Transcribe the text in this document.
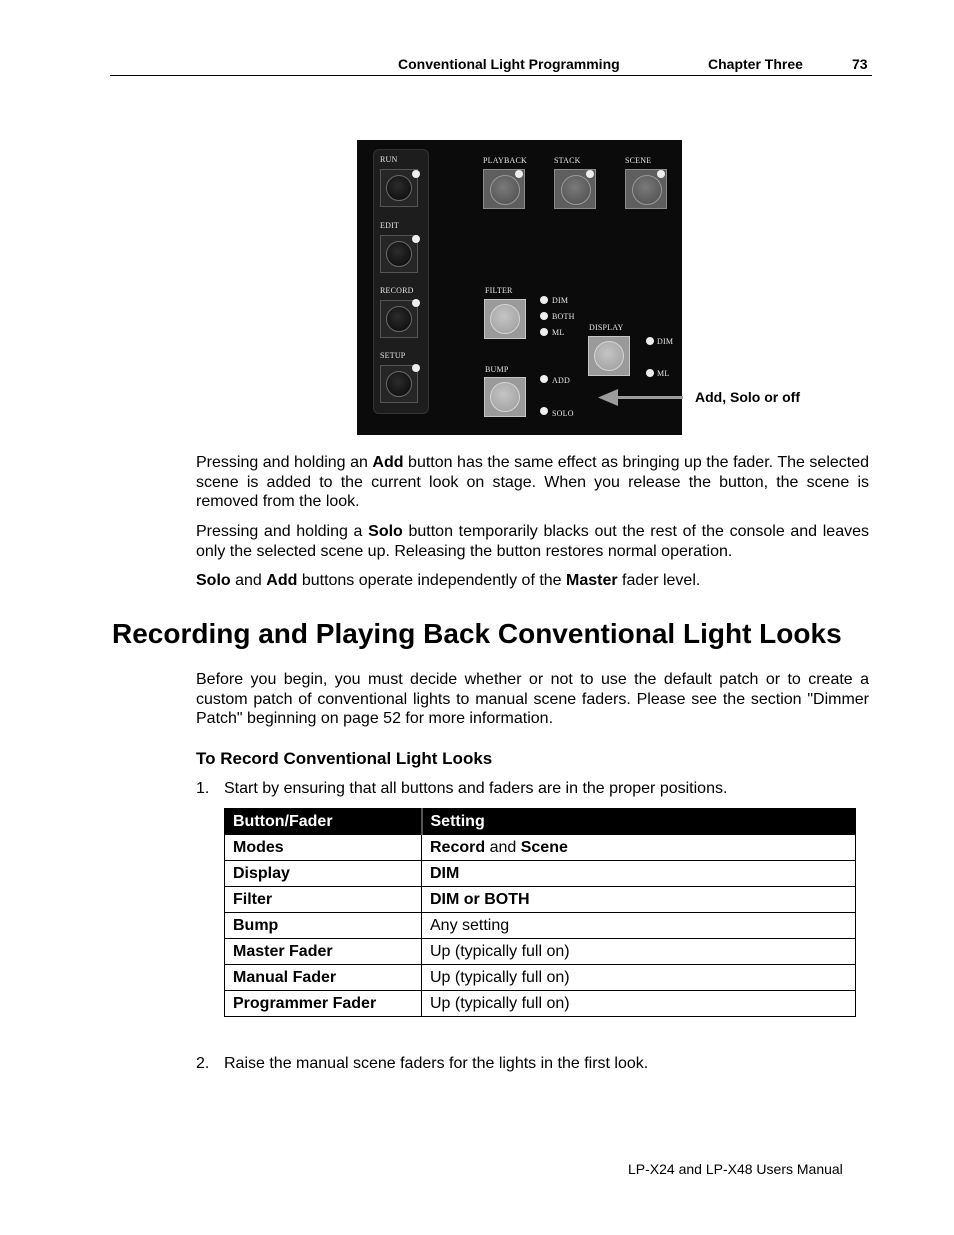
Conventional Light Programming	Chapter Three	73
RUN
EDIT
RECORD
SETUP
PLAYBACK	STACK	SCENE
FILTER
DIM
BOTH
ML
BUMP
ADD
SOLO
DISPLAY
DIM
ML
Add, Solo or off
Pressing and holding an Add button has the same effect as bringing up the fader. The selected scene is added to the current look on stage. When you release the button, the scene is removed from the look.
Pressing and holding a Solo button temporarily blacks out the rest of the console and leaves only the selected scene up. Releasing the button restores normal operation.
Solo and Add buttons operate independently of the Master fader level.
Recording and Playing Back Conventional Light Looks
Before you begin, you must decide whether or not to use the default patch or to create a custom patch of conventional lights to manual scene faders. Please see the section "Dimmer Patch" beginning on page 52 for more information.
To Record Conventional Light Looks
1. Start by ensuring that all buttons and faders are in the proper positions.
Button/Fader	Setting
Modes	Record and Scene
Display	DIM
Filter	DIM or BOTH
Bump	Any setting
Master Fader	Up (typically full on)
Manual Fader	Up (typically full on)
Programmer Fader	Up (typically full on)
2. Raise the manual scene faders for the lights in the first look.
LP-X24 and LP-X48 Users Manual
